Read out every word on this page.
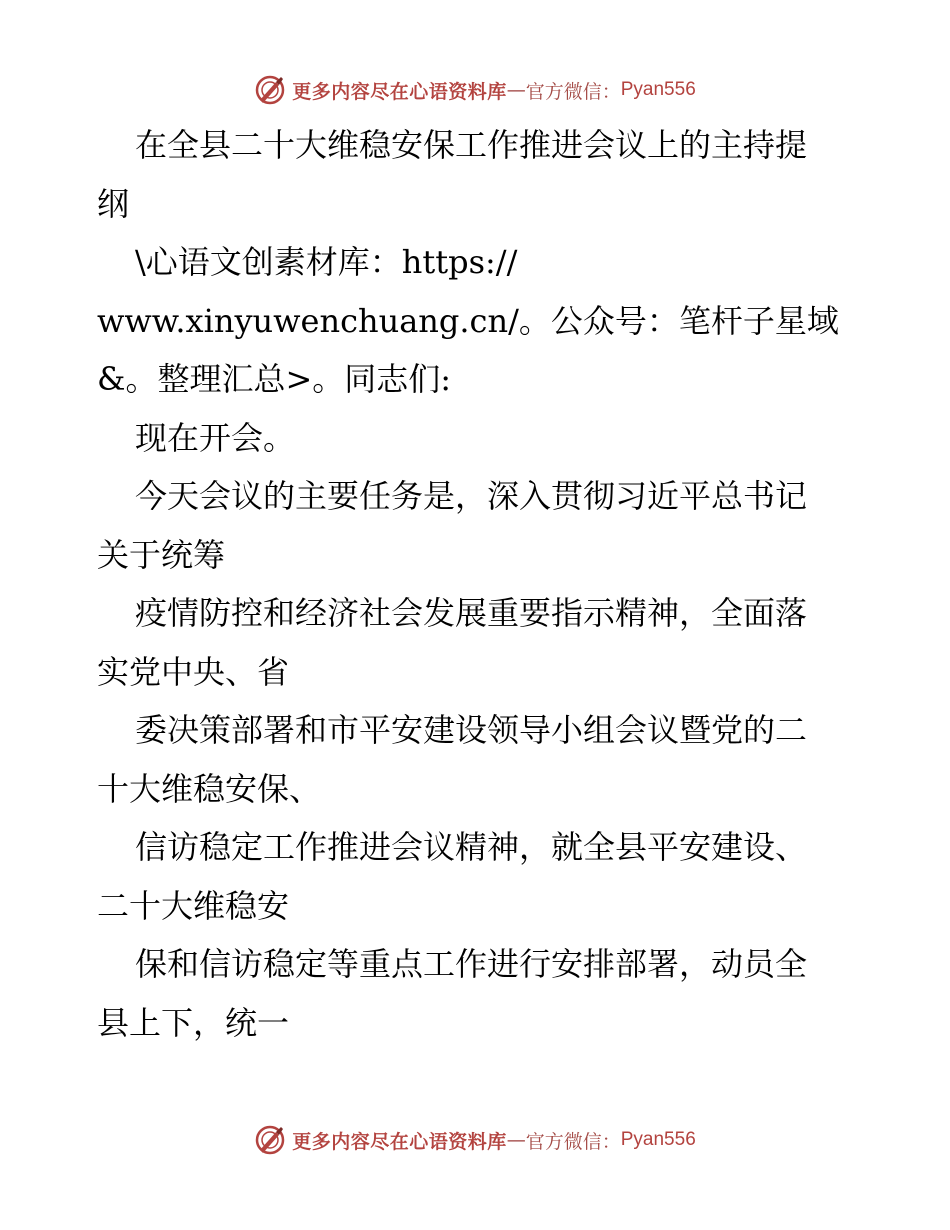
更多内容尽在心语资料库 — 官方微信： Pyan556
在全县二十大维稳安保工作推进会议上的主持提
纲
\心语文创素材库：https://
www.xinyuwenchuang.cn/。公众号：笔杆子星域
&。整理汇总>。同志们:
现在开会。
今天会议的主要任务是，深入贯彻习近平总书记
关于统筹
疫情防控和经济社会发展重要指示精神，全面落
实党中央、省
委决策部署和市平安建设领导小组会议暨党的二
十大维稳安保、
信访稳定工作推进会议精神，就全县平安建设、
二十大维稳安
保和信访稳定等重点工作进行安排部署，动员全
县上下，统一
更多内容尽在心语资料库 — 官方微信： Pyan556
